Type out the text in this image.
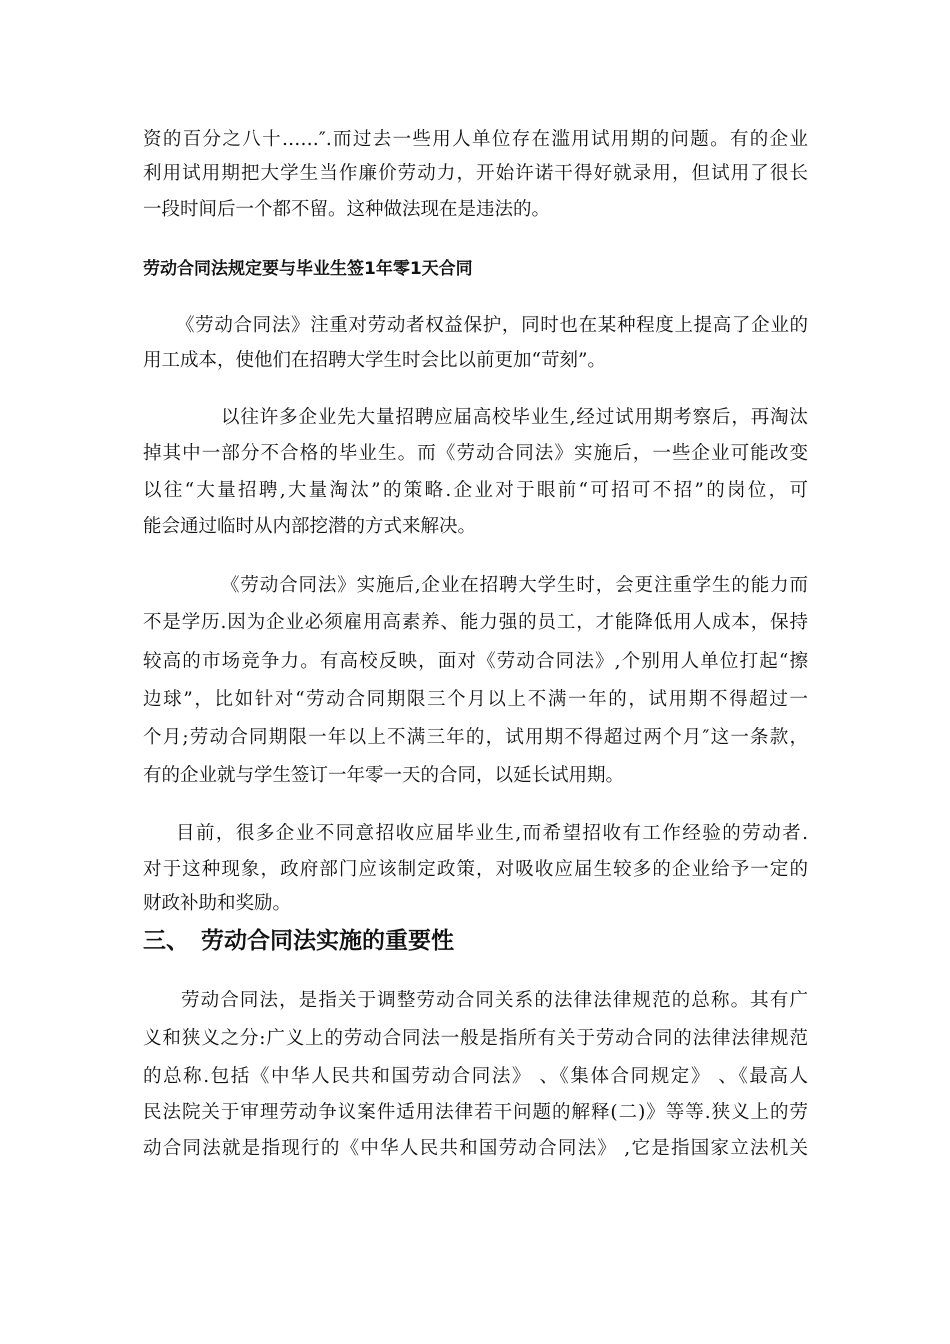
资的百分之八十……″.而过去一些用人单位存在滥用试用期的问题。有的企业
利用试用期把大学生当作廉价劳动力，开始许诺干得好就录用，但试用了很长
一段时间后一个都不留。这种做法现在是违法的。
劳动合同法规定要与毕业生签1年零1天合同
《劳动合同法》注重对劳动者权益保护，同时也在某种程度上提高了企业的
用工成本，使他们在招聘大学生时会比以前更加“苛刻”。
以往许多企业先大量招聘应届高校毕业生,经过试用期考察后，再淘汰
掉其中一部分不合格的毕业生。而《劳动合同法》实施后，一些企业可能改变
以往“大量招聘,大量淘汰”的策略.企业对于眼前“可招可不招”的岗位，可
能会通过临时从内部挖潜的方式来解决。
《劳动合同法》实施后,企业在招聘大学生时，会更注重学生的能力而
不是学历.因为企业必须雇用高素养、能力强的员工，才能降低用人成本，保持
较高的市场竞争力。有高校反映，面对《劳动合同法》,个别用人单位打起“擦
边球”，比如针对“劳动合同期限三个月以上不满一年的，试用期不得超过一
个月;劳动合同期限一年以上不满三年的，试用期不得超过两个月″这一条款，
有的企业就与学生签订一年零一天的合同，以延长试用期。
目前，很多企业不同意招收应届毕业生,而希望招收有工作经验的劳动者.
对于这种现象，政府部门应该制定政策，对吸收应届生较多的企业给予一定的
财政补助和奖励。
三、 劳动合同法实施的重要性
劳动合同法，是指关于调整劳动合同关系的法律法律规范的总称。其有广
义和狭义之分:广义上的劳动合同法一般是指所有关于劳动合同的法律法律规范
的总称.包括《中华人民共和国劳动合同法》 、《集体合同规定》 、《最高人
民法院关于审理劳动争议案件适用法律若干问题的解释(二)》等等.狭义上的劳
动合同法就是指现行的《中华人民共和国劳动合同法》 ,它是指国家立法机关
